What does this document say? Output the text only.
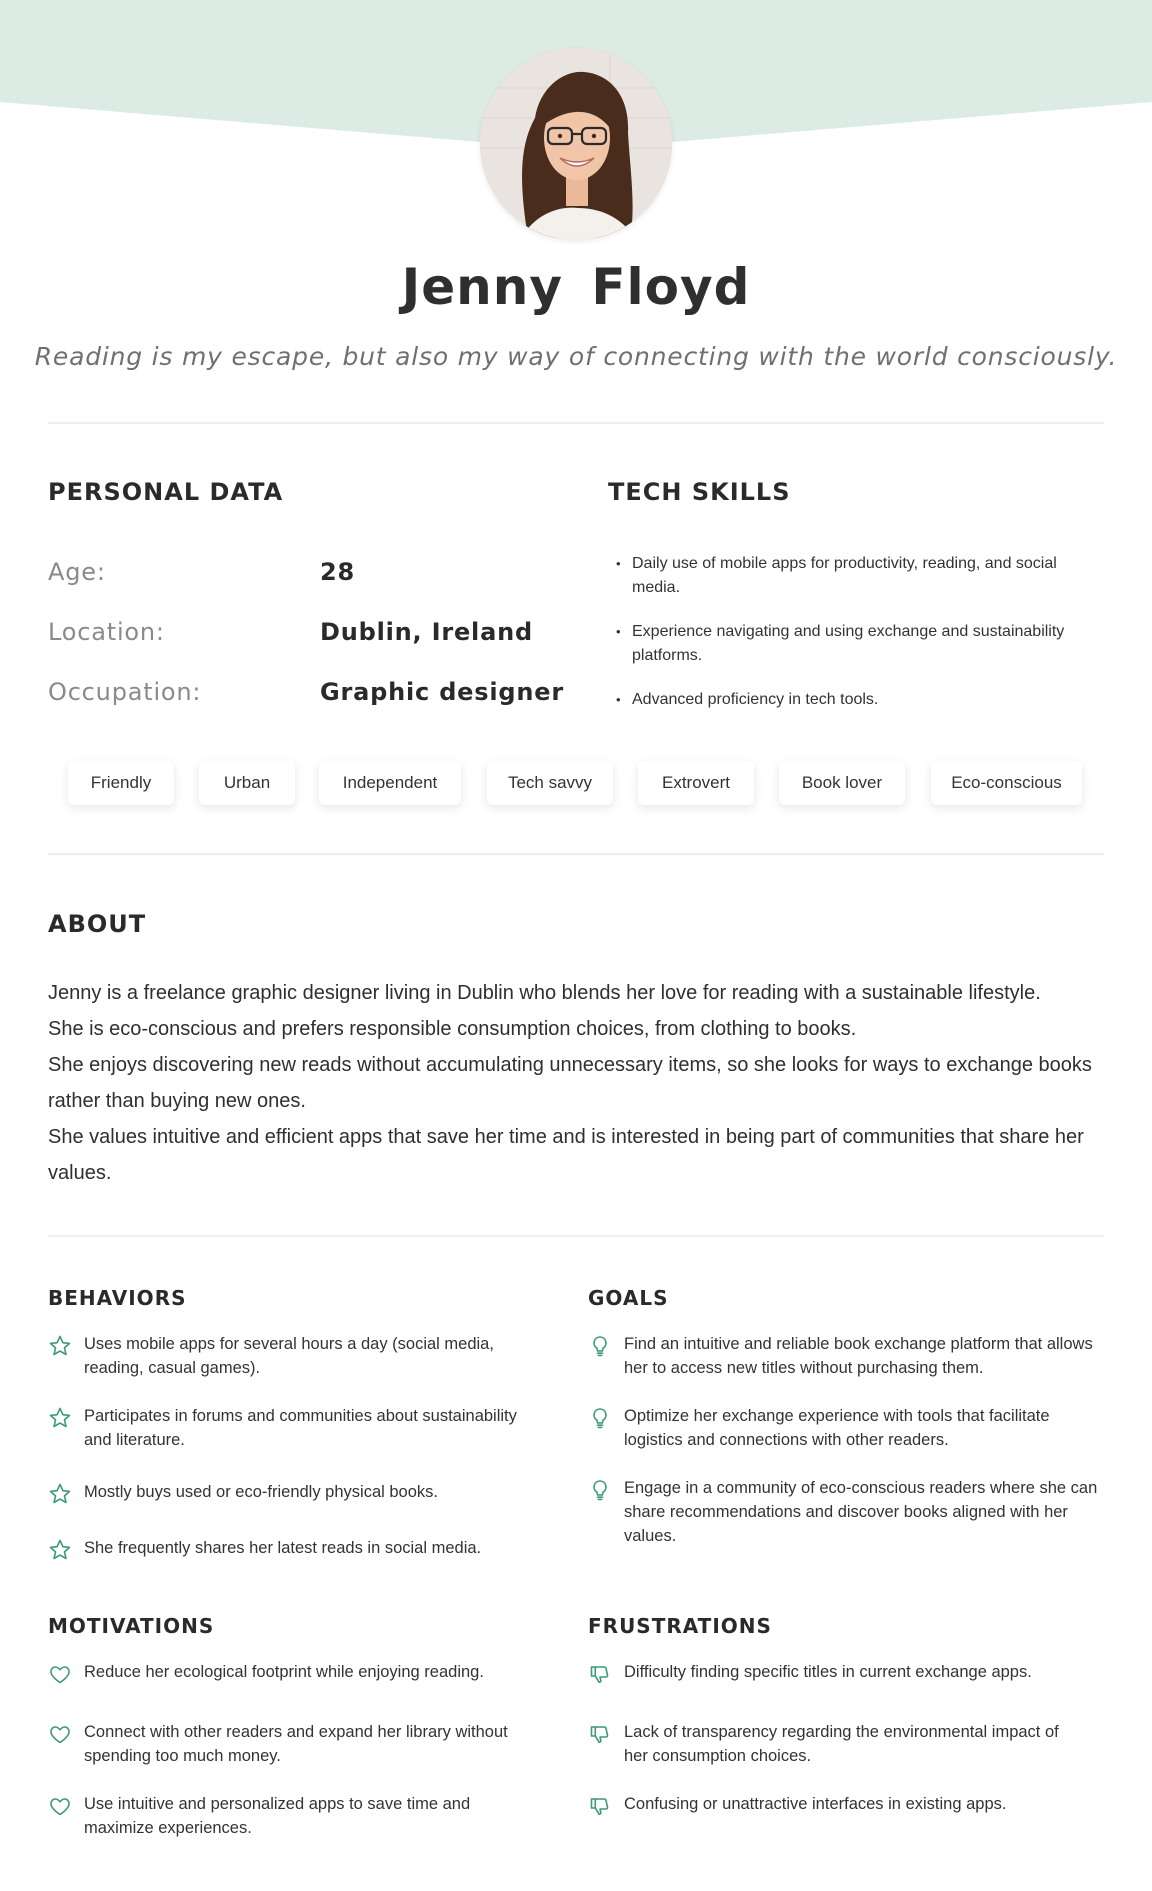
Jenny Floyd
Reading is my escape, but also my way of connecting with the world consciously.
PERSONAL DATA
Age:	28
Location:	Dublin, Ireland
Occupation:	Graphic designer
TECH SKILLS
• Daily use of mobile apps for productivity, reading, and social media.
• Experience navigating and using exchange and sustainability platforms.
• Advanced proficiency in tech tools.
Friendly	Urban	Independent	Tech savvy	Extrovert	Book lover	Eco-conscious
ABOUT

Jenny is a freelance graphic designer living in Dublin who blends her love for reading with a sustainable lifestyle.

She is eco-conscious and prefers responsible consumption choices, from clothing to books.

She enjoys discovering new reads without accumulating unnecessary items, so she looks for ways to exchange books rather than buying new ones.

She values intuitive and efficient apps that save her time and is interested in being part of communities that share her values.

BEHAVIORS
Uses mobile apps for several hours a day (social media, reading, casual games).
Participates in forums and communities about sustainability and literature.
Mostly buys used or eco-friendly physical books.
She frequently shares her latest reads in social media.
GOALS
Find an intuitive and reliable book exchange platform that allows her to access new titles without purchasing them.
Optimize her exchange experience with tools that facilitate logistics and connections with other readers.
Engage in a community of eco-conscious readers where she can share recommendations and discover books aligned with her values.
MOTIVATIONS
Reduce her ecological footprint while enjoying reading.
Connect with other readers and expand her library without spending too much money.
Use intuitive and personalized apps to save time and maximize experiences.
FRUSTRATIONS
Difficulty finding specific titles in current exchange apps.
Lack of transparency regarding the environmental impact of her consumption choices.
Confusing or unattractive interfaces in existing apps.
